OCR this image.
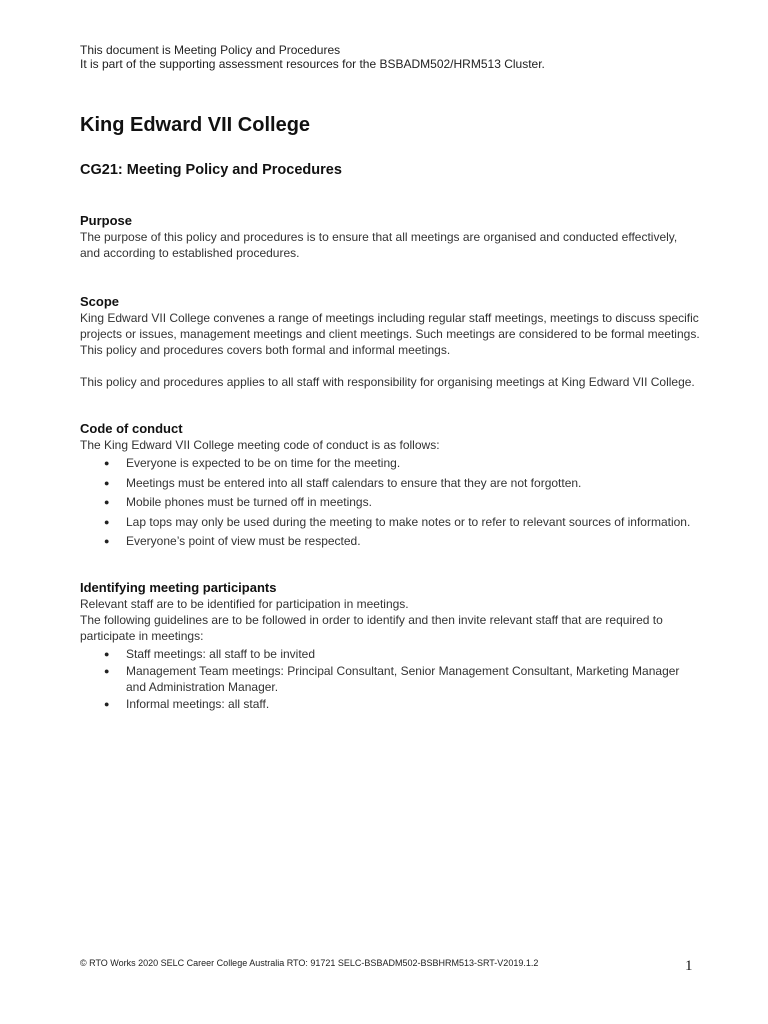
This document is Meeting Policy and Procedures

It is part of the supporting assessment resources for the BSBADM502/HRM513 Cluster.

King Edward VII College
CG21: Meeting Policy and Procedures
Purpose

The purpose of this policy and procedures is to ensure that all meetings are organised and conducted effectively, and according to established procedures.

Scope

King Edward VII College convenes a range of meetings including regular staff meetings, meetings to discuss specific projects or issues, management meetings and client meetings. Such meetings are considered to be formal meetings. This policy and procedures covers both formal and informal meetings.

This policy and procedures applies to all staff with responsibility for organising meetings at King Edward VII College.

Code of conduct

The King Edward VII College meeting code of conduct is as follows:

● Everyone is expected to be on time for the meeting.
● Meetings must be entered into all staff calendars to ensure that they are not forgotten.
● Mobile phones must be turned off in meetings.
● Lap tops may only be used during the meeting to make notes or to refer to relevant sources of information.
● Everyone’s point of view must be respected.
Identifying meeting participants

Relevant staff are to be identified for participation in meetings.

The following guidelines are to be followed in order to identify and then invite relevant staff that are required to participate in meetings:

● Staff meetings: all staff to be invited
● Management Team meetings: Principal Consultant, Senior Management Consultant, Marketing Manager and Administration Manager.
● Informal meetings: all staff.
© RTO Works 2020 SELC Career College Australia RTO: 91721 SELC-BSBADM502-BSBHRM513-SRT-V2019.1.2	1
